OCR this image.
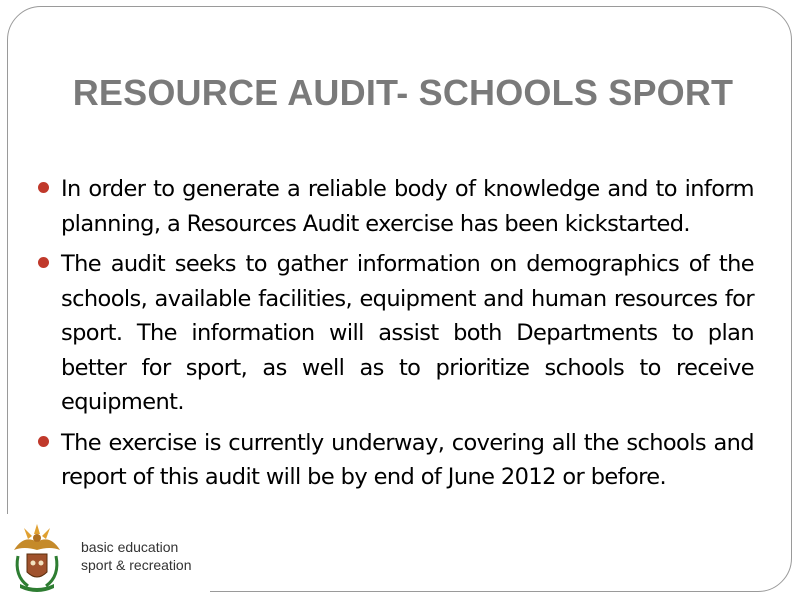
RESOURCE AUDIT- SCHOOLS SPORT
In order to generate a reliable body of knowledge and to inform planning, a Resources Audit exercise has been kickstarted.
The audit seeks to gather information on demographics of the schools, available facilities, equipment and human resources for sport. The information will assist both Departments to plan better for sport, as well as to prioritize schools to receive equipment.
The exercise is currently underway, covering all the schools and report of this audit will be by end of June 2012 or before.
basic education
sport & recreation
